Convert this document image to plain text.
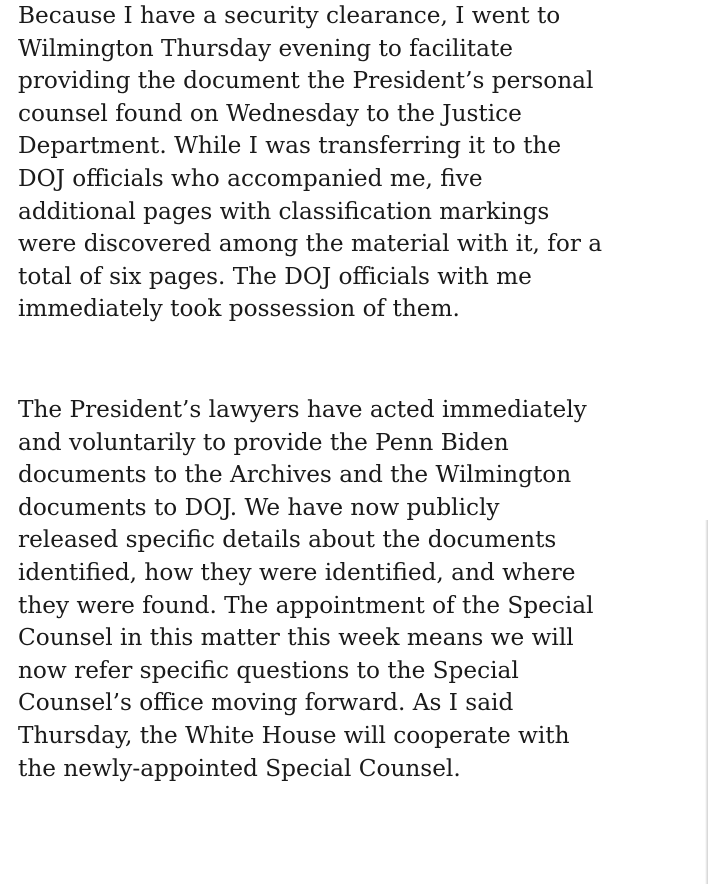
Because I have a security clearance, I went to
Wilmington Thursday evening to facilitate
providing the document the President’s personal
counsel found on Wednesday to the Justice
Department. While I was transferring it to the
DOJ officials who accompanied me, five
additional pages with classification markings
were discovered among the material with it, for a
total of six pages. The DOJ officials with me
immediately took possession of them.

The President’s lawyers have acted immediately
and voluntarily to provide the Penn Biden
documents to the Archives and the Wilmington
documents to DOJ. We have now publicly
released specific details about the documents
identified, how they were identified, and where
they were found. The appointment of the Special
Counsel in this matter this week means we will
now refer specific questions to the Special
Counsel’s office moving forward. As I said
Thursday, the White House will cooperate with
the newly-appointed Special Counsel.
